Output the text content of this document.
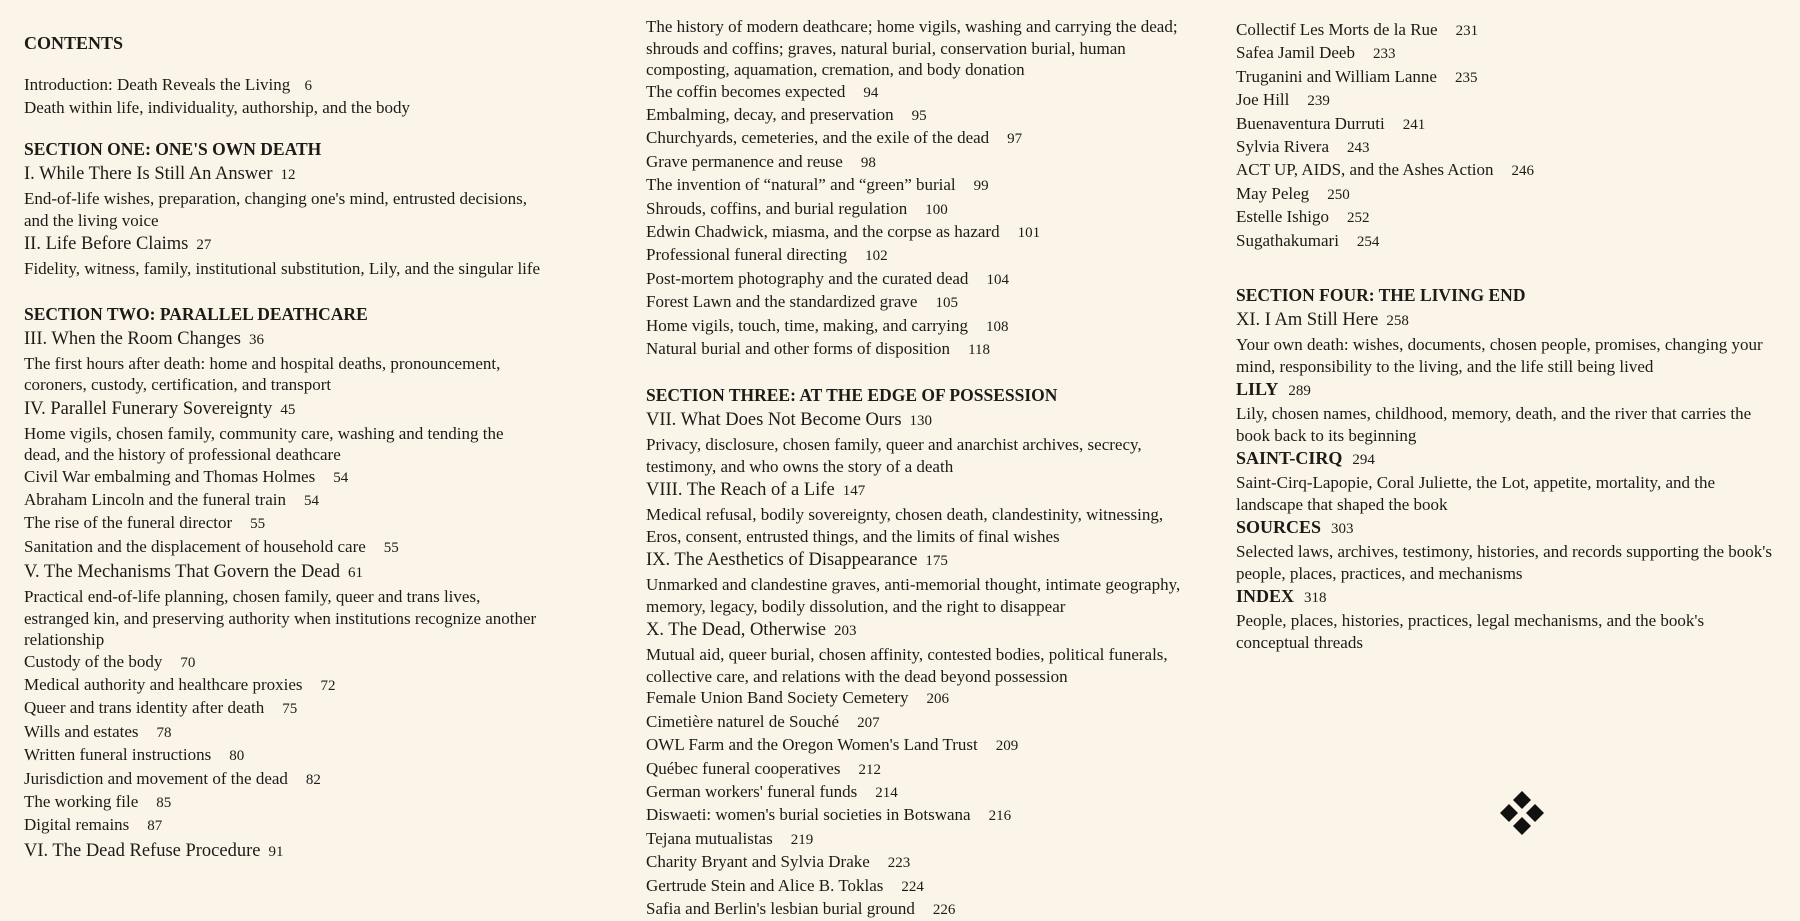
CONTENTS
Introduction: Death Reveals the Living 6
Death within life, individuality, authorship, and the body
SECTION ONE: ONE'S OWN DEATH
I. While There Is Still An Answer 12
End-of-life wishes, preparation, changing one's mind, entrusted decisions, and the living voice
II. Life Before Claims 27
Fidelity, witness, family, institutional substitution, Lily, and the singular life
SECTION TWO: PARALLEL DEATHCARE
III. When the Room Changes 36
The first hours after death: home and hospital deaths, pronouncement, coroners, custody, certification, and transport
IV. Parallel Funerary Sovereignty 45
Home vigils, chosen family, community care, washing and tending the dead, and the history of professional deathcare
Civil War embalming and Thomas Holmes 54
Abraham Lincoln and the funeral train 54
The rise of the funeral director 55
Sanitation and the displacement of household care 55
V. The Mechanisms That Govern the Dead 61
Practical end-of-life planning, chosen family, queer and trans lives, estranged kin, and preserving authority when institutions recognize another relationship
Custody of the body 70
Medical authority and healthcare proxies 72
Queer and trans identity after death 75
Wills and estates 78
Written funeral instructions 80
Jurisdiction and movement of the dead 82
The working file 85
Digital remains 87
VI. The Dead Refuse Procedure 91
The history of modern deathcare; home vigils, washing and carrying the dead; shrouds and coffins; graves, natural burial, conservation burial, human composting, aquamation, cremation, and body donation
The coffin becomes expected 94
Embalming, decay, and preservation 95
Churchyards, cemeteries, and the exile of the dead 97
Grave permanence and reuse 98
The invention of “natural” and “green” burial 99
Shrouds, coffins, and burial regulation 100
Edwin Chadwick, miasma, and the corpse as hazard 101
Professional funeral directing 102
Post-mortem photography and the curated dead 104
Forest Lawn and the standardized grave 105
Home vigils, touch, time, making, and carrying 108
Natural burial and other forms of disposition 118
SECTION THREE: AT THE EDGE OF POSSESSION
VII. What Does Not Become Ours 130
Privacy, disclosure, chosen family, queer and anarchist archives, secrecy, testimony, and who owns the story of a death
VIII. The Reach of a Life 147
Medical refusal, bodily sovereignty, chosen death, clandestinity, witnessing, Eros, consent, entrusted things, and the limits of final wishes
IX. The Aesthetics of Disappearance 175
Unmarked and clandestine graves, anti-memorial thought, intimate geography, memory, legacy, bodily dissolution, and the right to disappear
X. The Dead, Otherwise 203
Mutual aid, queer burial, chosen affinity, contested bodies, political funerals, collective care, and relations with the dead beyond possession
Female Union Band Society Cemetery 206
Cimetière naturel de Souché 207
OWL Farm and the Oregon Women's Land Trust 209
Québec funeral cooperatives 212
German workers' funeral funds 214
Diswaeti: women's burial societies in Botswana 216
Tejana mutualistas 219
Charity Bryant and Sylvia Drake 223
Gertrude Stein and Alice B. Toklas 224
Safia and Berlin's lesbian burial ground 226
Collectif Les Morts de la Rue 231
Safea Jamil Deeb 233
Truganini and William Lanne 235
Joe Hill 239
Buenaventura Durruti 241
Sylvia Rivera 243
ACT UP, AIDS, and the Ashes Action 246
May Peleg 250
Estelle Ishigo 252
Sugathakumari 254
SECTION FOUR: THE LIVING END
XI. I Am Still Here 258
Your own death: wishes, documents, chosen people, promises, changing your mind, responsibility to the living, and the life still being lived
LILY 289
Lily, chosen names, childhood, memory, death, and the river that carries the book back to its beginning
SAINT-CIRQ 294
Saint-Cirq-Lapopie, Coral Juliette, the Lot, appetite, mortality, and the landscape that shaped the book
SOURCES 303
Selected laws, archives, testimony, histories, and records supporting the book's people, places, practices, and mechanisms
INDEX 318
People, places, histories, practices, legal mechanisms, and the book's conceptual threads
